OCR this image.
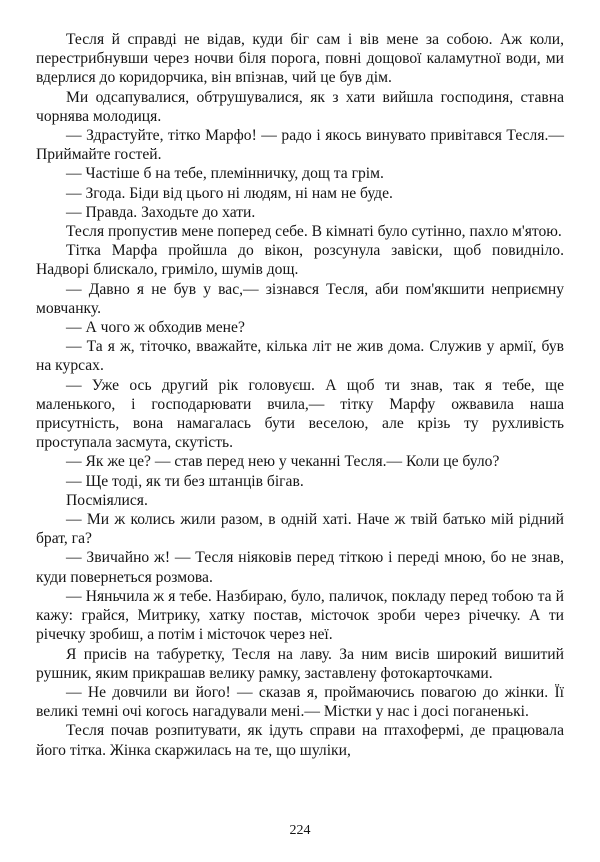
Тесля й справді не відав, куди біг сам і вів мене за собою. Аж коли, перестрибнувши через ночви біля порога, повні дощової каламутної води, ми вдерлися до коридорчика, він впізнав, чий це був дім.

Ми одсапувалися, обтрушувалися, як з хати вийшла господиня, ставна чорнява молодиця.

— Здрастуйте, тітко Марфо! — радо і якось винувато привітався Тесля.— Приймайте гостей.

— Частіше б на тебе, племінничку, дощ та грім.

— Згода. Біди від цього ні людям, ні нам не буде.

— Правда. Заходьте до хати.

Тесля пропустив мене поперед себе. В кімнаті було сутінно, пахло м'ятою.

Тітка Марфа пройшла до вікон, розсунула завіски, щоб повидніло. Надворі блискало, гриміло, шумів дощ.

— Давно я не був у вас,— зізнався Тесля, аби пом'якшити неприємну мовчанку.

— А чого ж обходив мене?

— Та я ж, тіточко, вважайте, кілька літ не жив дома. Служив у армії, був на курсах.

— Уже ось другий рік головуєш. А щоб ти знав, так я тебе, ще маленького, і господарювати вчила,— тітку Марфу ожвавила наша присутність, вона намагалась бути веселою, але крізь ту рухливість проступала засмута, скутість.

— Як же це? — став перед нею у чеканні Тесля.— Коли це було?

— Ще тоді, як ти без штанців бігав.

Посміялися.

— Ми ж колись жили разом, в одній хаті. Наче ж твій батько мій рідний брат, га?

— Звичайно ж! — Тесля ніяковів перед тіткою і переді мною, бо не знав, куди повернеться розмова.

— Няньчила ж я тебе. Назбираю, було, паличок, покладу перед тобою та й кажу: грайся, Митрику, хатку постав, місточок зроби через річечку. А ти річечку зробиш, а потім і місточок через неї.

Я присів на табуретку, Тесля на лаву. За ним висів широкий вишитий рушник, яким прикрашав велику рамку, заставлену фотокарточками.

— Не довчили ви його! — сказав я, проймаючись повагою до жінки. Її великі темні очі когось нагадували мені.— Містки у нас і досі поганенькі.

Тесля почав розпитувати, як ідуть справи на птахофермі, де працювала його тітка. Жінка скаржилась на те, що шуліки,

224
